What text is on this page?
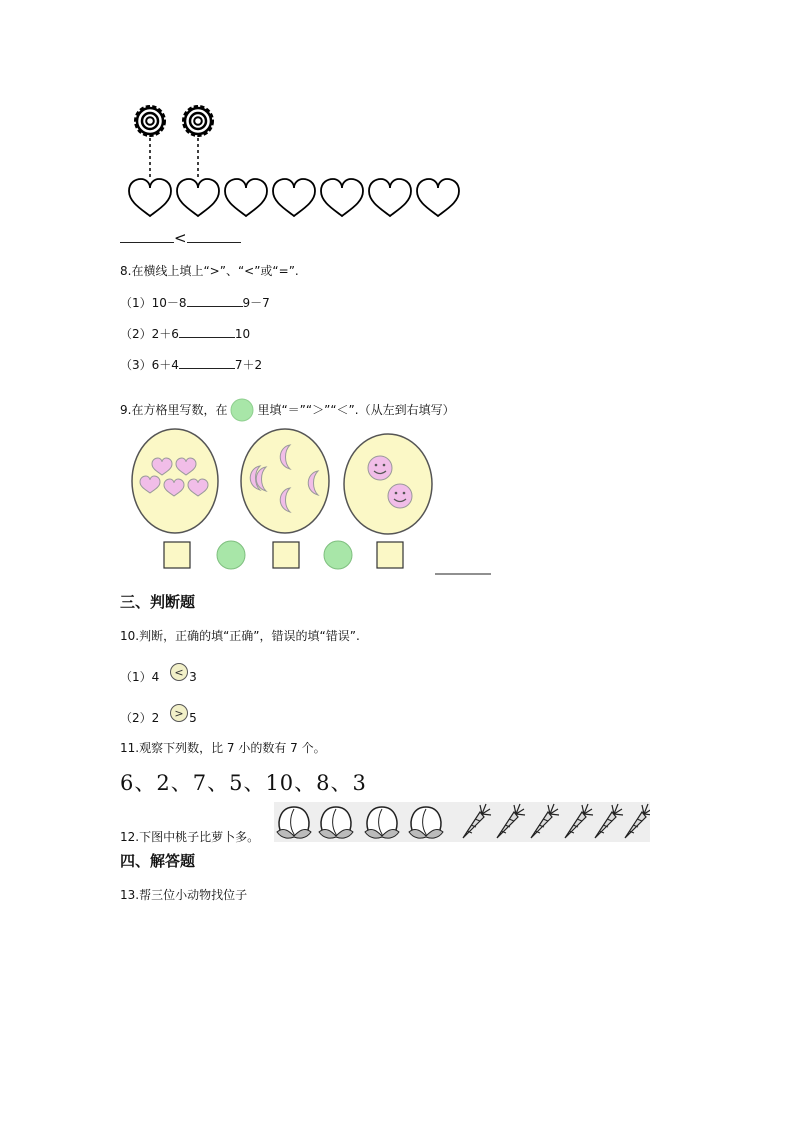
<
8.在横线上填上“>”、“<”或“=”.
（1）10－8	9－7
（2）2＋6	10
（3）6＋4	7＋2
9.在方格里写数，在	里填“＝”“＞”“＜”.（从左到右填写）
三、判断题
10.判断，正确的填“正确”，错误的填“错误”.
（1）4 < 3
（2）2 > 5
11.观察下列数，比 7 小的数有 7 个。
6、2、7、5、10、8、3
12.下图中桃子比萝卜多。
四、解答题
13.帮三位小动物找位子
